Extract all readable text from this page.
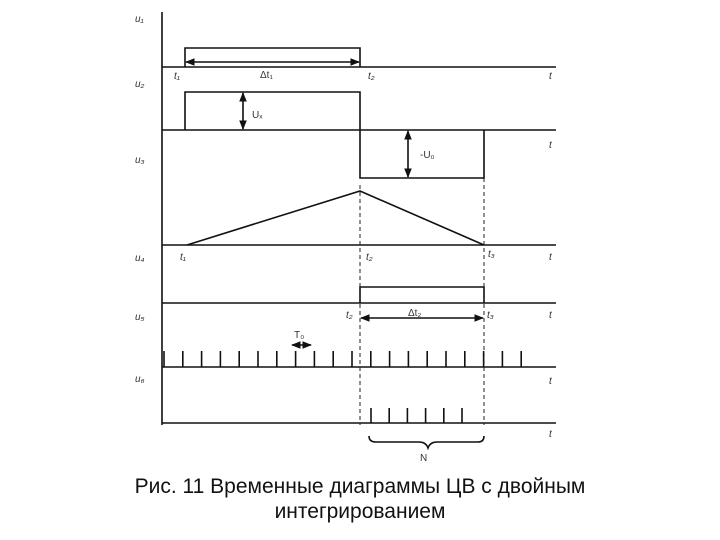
u₁
u₂
u₃
u₄
u₅
u₆
t
t
t
t
t
t
t₁	t₂
Δt₁
Uₓ
-U₀
t₁	t₂	t₃
t₂	t₃
Δt₂
T₀
N
Рис. 11 Временные диаграммы ЦВ с двойным
интегрированием
